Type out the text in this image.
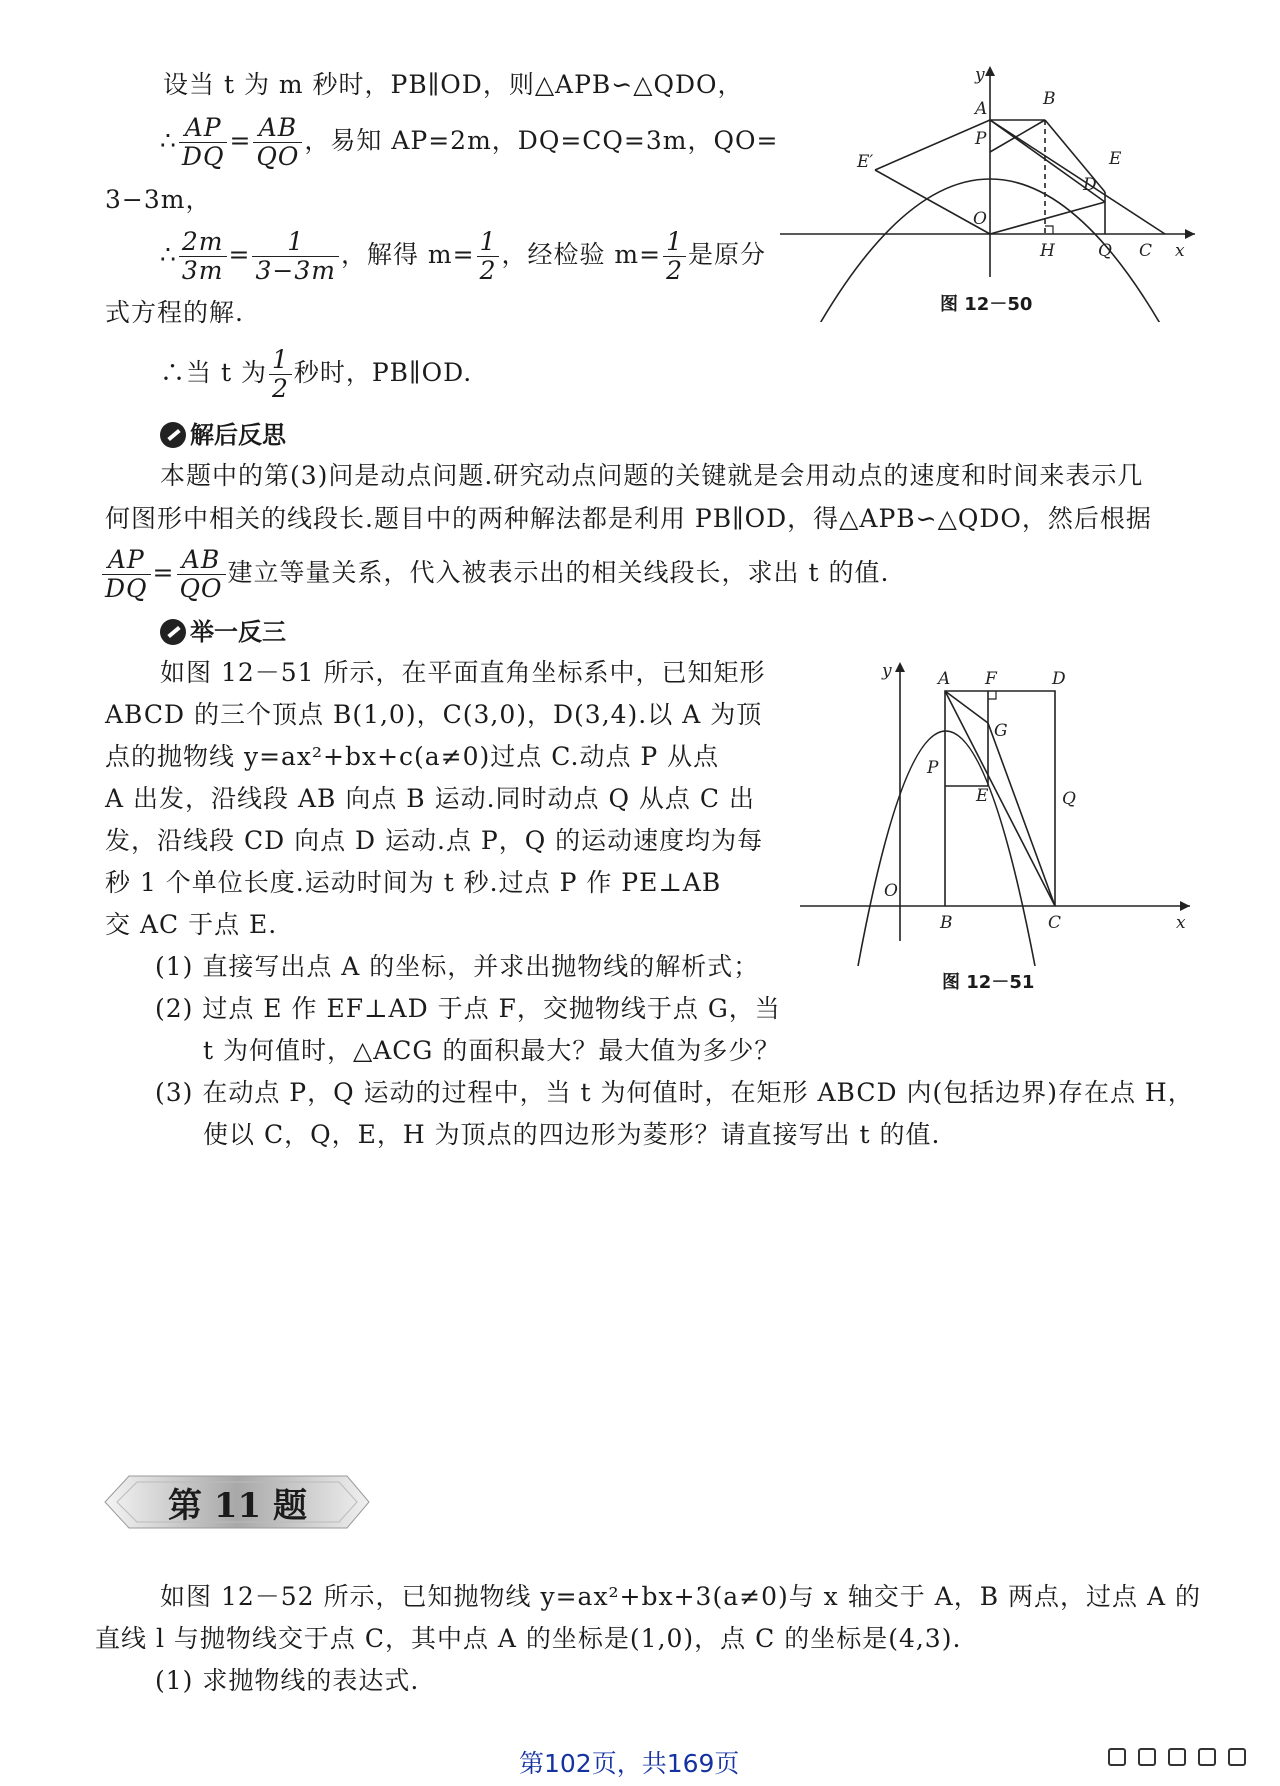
设当 t 为 m 秒时，PB∥OD，则△APB∽△QDO，
∴ $\frac{AP}{DQ} = \frac{AB}{QO}$ ，易知 AP=2m，DQ=CQ=3m，QO=
3−3m，
∴ $\frac{2m}{3m} = \frac{1}{3-3m}$ ，解得 $m= \frac{1}{2}$ ，经检验 $m= \frac{1}{2}$ 是原分
式方程的解.
∴当 t 为 $\frac{1}{2}$ 秒时，PB∥OD.
y
A	B
P
E′	E
D
O
H	Q C x
图 12－50
解后反思
本题中的第(3)问是动点问题.研究动点问题的关键就是会用动点的速度和时间来表示几
何图形中相关的线段长.题目中的两种解法都是利用 PB∥OD，得△APB∽△QDO，然后根据
$\frac{AP}{DQ} = \frac{AB}{QO}$ 建立等量关系，代入被表示出的相关线段长，求出 t 的值.
举一反三
如图 12－51 所示，在平面直角坐标系中，已知矩形
ABCD 的三个顶点 B(1,0)，C(3,0)，D(3,4).以 A 为顶
点的抛物线 y=ax²+bx+c(a≠0)过点 C.动点 P 从点
A 出发，沿线段 AB 向点 B 运动.同时动点 Q 从点 C 出
发，沿线段 CD 向点 D 运动.点 P，Q 的运动速度均为每
秒 1 个单位长度.运动时间为 t 秒.过点 P 作 PE⊥AB
交 AC 于点 E.
(1) 直接写出点 A 的坐标，并求出抛物线的解析式；
(2) 过点 E 作 EF⊥AD 于点 F，交抛物线于点 G，当
t 为何值时，△ACG 的面积最大？最大值为多少？
(3) 在动点 P，Q 运动的过程中，当 t 为何值时，在矩形 ABCD 内(包括边界)存在点 H，
使以 C，Q，E，H 为顶点的四边形为菱形？请直接写出 t 的值.
y	A F	D
G
P
E	Q
O
B	C	x
图 12－51
第 11 题
如图 12－52 所示，已知抛物线 y=ax²+bx+3(a≠0)与 x 轴交于 A，B 两点，过点 A 的
直线 l 与抛物线交于点 C，其中点 A 的坐标是(1,0)，点 C 的坐标是(4,3).
(1) 求抛物线的表达式.
第102页，共169页
